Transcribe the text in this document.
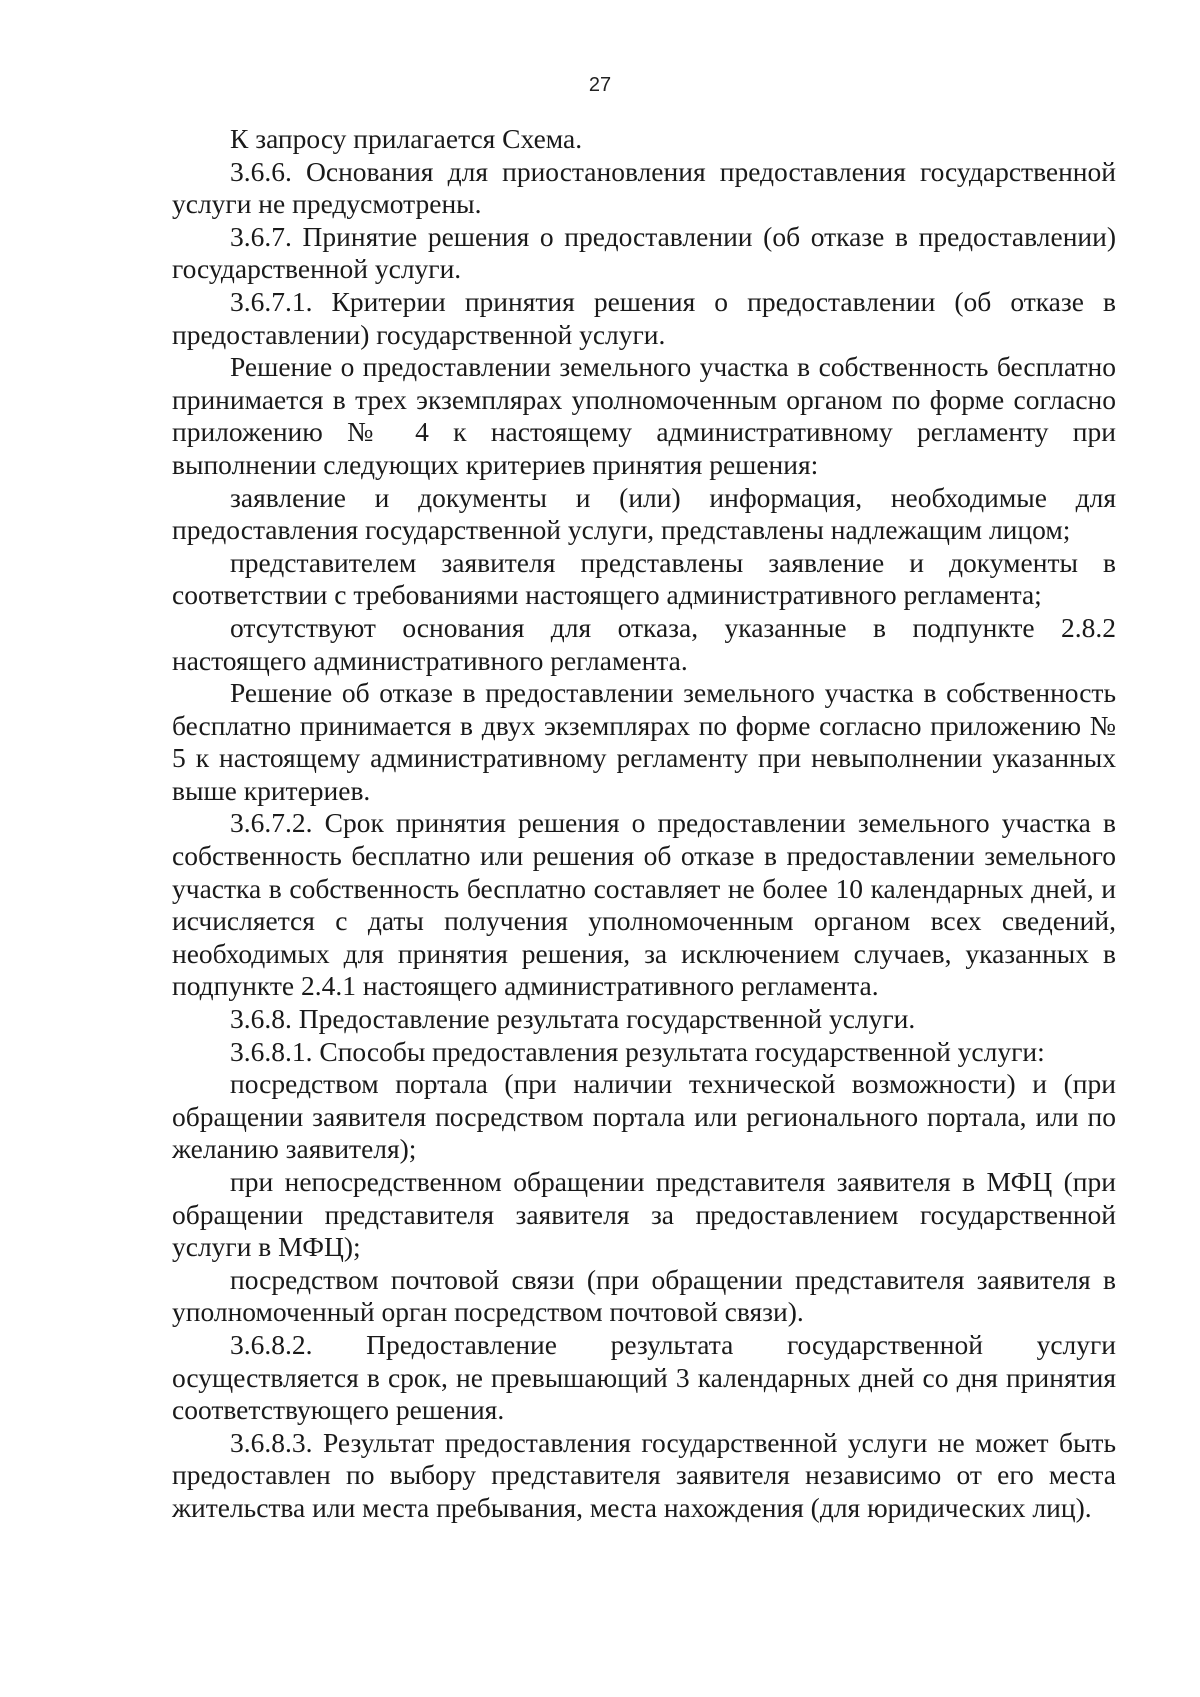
27

К запросу прилагается Схема.

3.6.6. Основания для приостановления предоставления государственной услуги не предусмотрены.

3.6.7. Принятие решения о предоставлении (об отказе в предоставлении) государственной услуги.

3.6.7.1. Критерии принятия решения о предоставлении (об отказе в предоставлении) государственной услуги.

Решение о предоставлении земельного участка в собственность бесплатно принимается в трех экземплярах уполномоченным органом по форме согласно приложению № 4 к настоящему административному регламенту при выполнении следующих критериев принятия решения:

заявление и документы и (или) информация, необходимые для предоставления государственной услуги, представлены надлежащим лицом;

представителем заявителя представлены заявление и документы в соответствии с требованиями настоящего административного регламента;

отсутствуют основания для отказа, указанные в подпункте 2.8.2 настоящего административного регламента.

Решение об отказе в предоставлении земельного участка в собственность бесплатно принимается в двух экземплярах по форме согласно приложению № 5 к настоящему административному регламенту при невыполнении указанных выше критериев.

3.6.7.2. Срок принятия решения о предоставлении земельного участка в собственность бесплатно или решения об отказе в предоставлении земельного участка в собственность бесплатно составляет не более 10 календарных дней, и исчисляется с даты получения уполномоченным органом всех сведений, необходимых для принятия решения, за исключением случаев, указанных в подпункте 2.4.1 настоящего административного регламента.

3.6.8. Предоставление результата государственной услуги.

3.6.8.1. Способы предоставления результата государственной услуги:

посредством портала (при наличии технической возможности) и (при обращении заявителя посредством портала или регионального портала, или по желанию заявителя);

при непосредственном обращении представителя заявителя в МФЦ (при обращении представителя заявителя за предоставлением государственной услуги в МФЦ);

посредством почтовой связи (при обращении представителя заявителя в уполномоченный орган посредством почтовой связи).

3.6.8.2. Предоставление результата государственной услуги осуществляется в срок, не превышающий 3 календарных дней со дня принятия соответствующего решения.

3.6.8.3. Результат предоставления государственной услуги не может быть предоставлен по выбору представителя заявителя независимо от его места жительства или места пребывания, места нахождения (для юридических лиц).
